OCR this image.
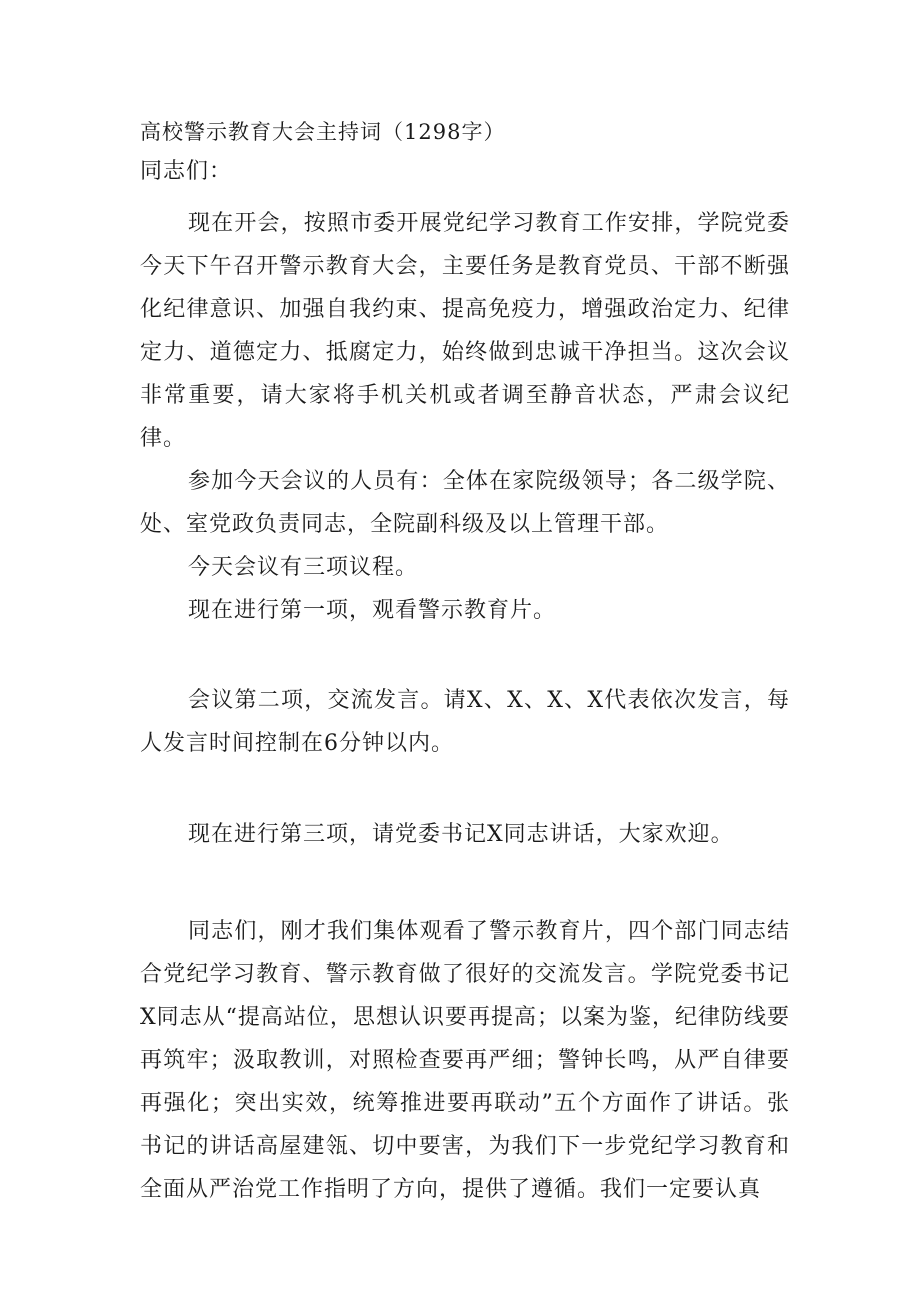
高校警示教育大会主持词（1298字）
同志们：

现在开会，按照市委开展党纪学习教育工作安排，学院党委今天下午召开警示教育大会，主要任务是教育党员、干部不断强化纪律意识、加强自我约束、提高免疫力，增强政治定力、纪律定力、道德定力、抵腐定力，始终做到忠诚干净担当。这次会议非常重要，请大家将手机关机或者调至静音状态，严肃会议纪律。

参加今天会议的人员有：全体在家院级领导；各二级学院、处、室党政负责同志，全院副科级及以上管理干部。

今天会议有三项议程。

现在进行第一项，观看警示教育片。

会议第二项，交流发言。请X、X、X、X代表依次发言，每人发言时间控制在6分钟以内。

现在进行第三项，请党委书记X同志讲话，大家欢迎。

同志们，刚才我们集体观看了警示教育片，四个部门同志结合党纪学习教育、警示教育做了很好的交流发言。学院党委书记X同志从“提高站位，思想认识要再提高；以案为鉴，纪律防线要再筑牢；汲取教训，对照检查要再严细；警钟长鸣，从严自律要再强化；突出实效，统筹推进要再联动”五个方面作了讲话。张书记的讲话高屋建瓴、切中要害，为我们下一步党纪学习教育和全面从严治党工作指明了方向，提供了遵循。我们一定要认真
